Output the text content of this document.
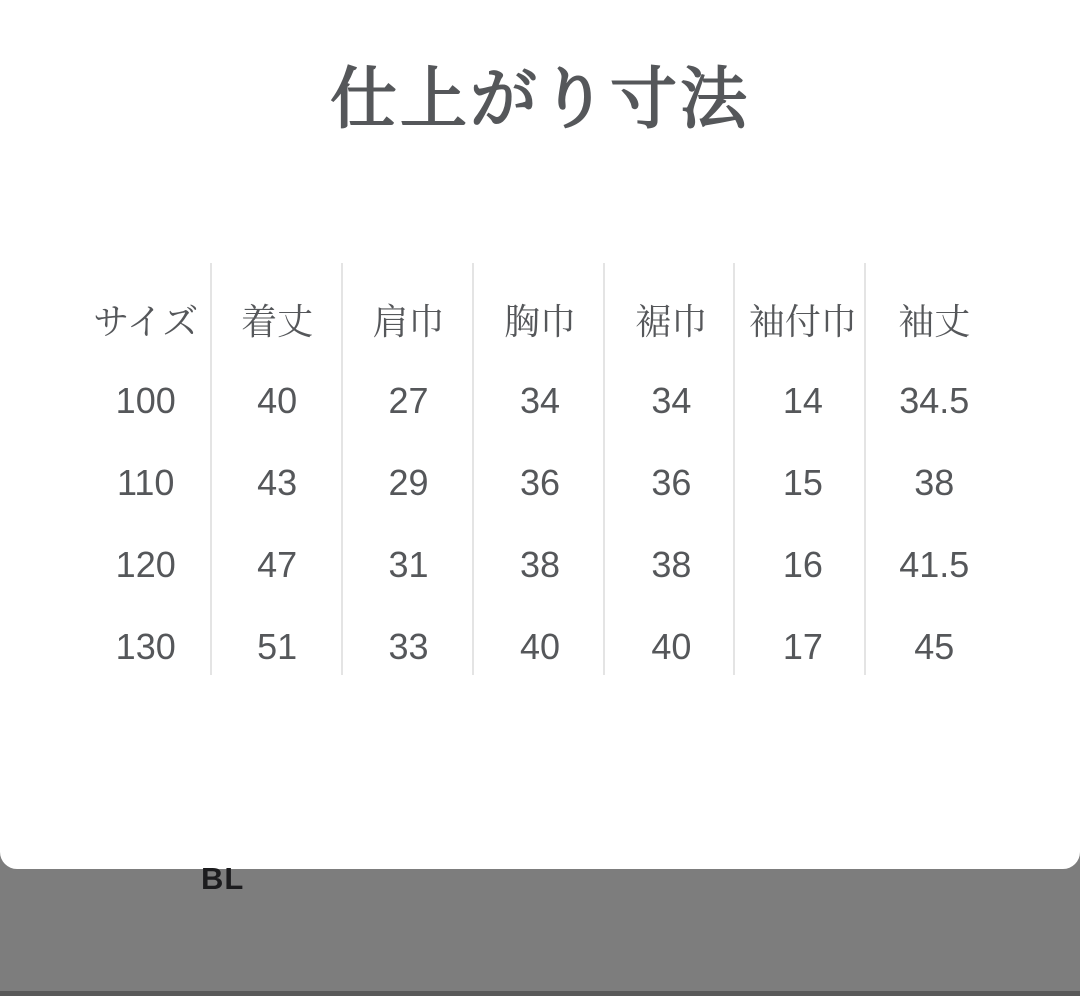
仕上がり寸法
サイズ	着丈	肩巾	胸巾	裾巾	袖付巾	袖丈
100	40	27	34	34	14	34.5
110	43	29	36	36	15	38
120	47	31	38	38	16	41.5
130	51	33	40	40	17	45
BL
